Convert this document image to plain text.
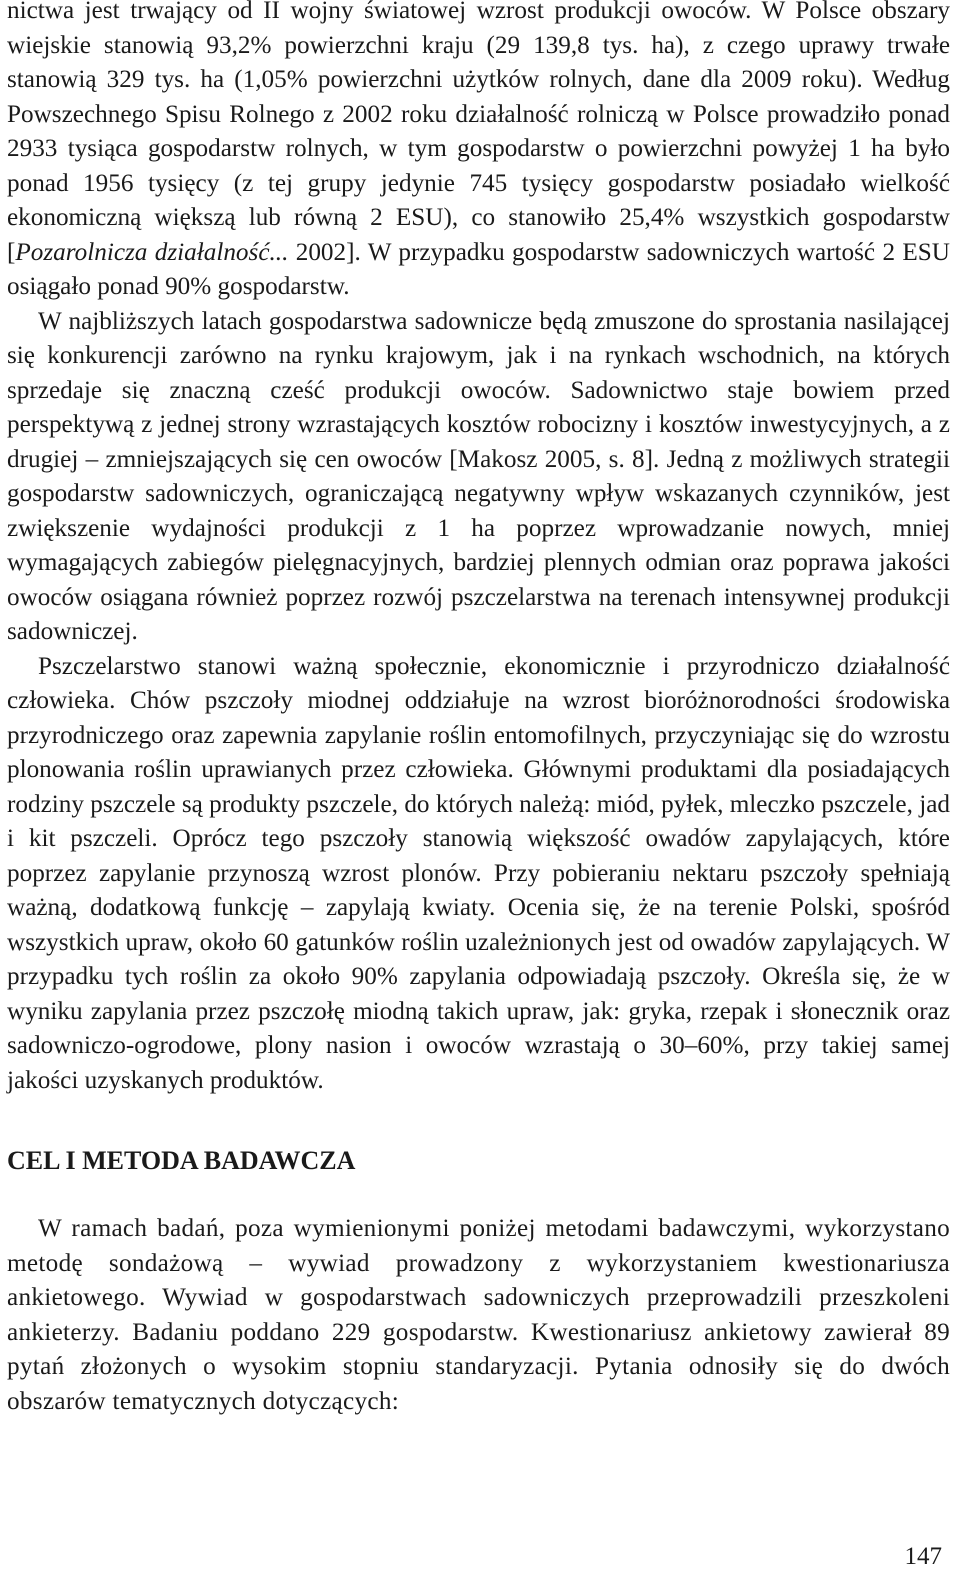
nictwa jest trwający od II wojny światowej wzrost produkcji owoców. W Polsce obszary wiejskie stanowią 93,2% powierzchni kraju (29 139,8 tys. ha), z czego uprawy trwałe stanowią 329 tys. ha (1,05% powierzchni użytków rolnych, dane dla 2009 roku). Według Powszechnego Spisu Rolnego z 2002 roku działalność rolniczą w Polsce prowadziło ponad 2933 tysiąca gospodarstw rolnych, w tym gospodarstw o powierzchni powyżej 1 ha było ponad 1956 tysięcy (z tej grupy jedynie 745 tysięcy gospodarstw posiadało wielkość ekonomiczną większą lub równą 2 ESU), co stanowiło 25,4% wszystkich gospodarstw [Pozarolnicza działalność... 2002]. W przypadku gospodarstw sadowniczych wartość 2 ESU osiągało ponad 90% gospodarstw.

W najbliższych latach gospodarstwa sadownicze będą zmuszone do sprostania nasilającej się konkurencji zarówno na rynku krajowym, jak i na rynkach wschodnich, na których sprzedaje się znaczną cześć produkcji owoców. Sadownictwo staje bowiem przed perspektywą z jednej strony wzrastających kosztów robocizny i kosztów inwestycyjnych, a z drugiej – zmniejszających się cen owoców [Makosz 2005, s. 8]. Jedną z możliwych strategii gospodarstw sadowniczych, ograniczającą negatywny wpływ wskazanych czynników, jest zwiększenie wydajności produkcji z 1 ha poprzez wprowadzanie nowych, mniej wymagających zabiegów pielęgnacyjnych, bardziej plennych odmian oraz poprawa jakości owoców osiągana również poprzez rozwój pszczelarstwa na terenach intensywnej produkcji sadowniczej.

Pszczelarstwo stanowi ważną społecznie, ekonomicznie i przyrodniczo działalność człowieka. Chów pszczoły miodnej oddziałuje na wzrost bioróżnorodności środowiska przyrodniczego oraz zapewnia zapylanie roślin entomofilnych, przyczyniając się do wzrostu plonowania roślin uprawianych przez człowieka. Głównymi produktami dla posiadających rodziny pszczele są produkty pszczele, do których należą: miód, pyłek, mleczko pszczele, jad i kit pszczeli. Oprócz tego pszczoły stanowią większość owadów zapylających, które poprzez zapylanie przynoszą wzrost plonów. Przy pobieraniu nektaru pszczoły spełniają ważną, dodatkową funkcję – zapylają kwiaty. Ocenia się, że na terenie Polski, spośród wszystkich upraw, około 60 gatunków roślin uzależnionych jest od owadów zapylających. W przypadku tych roślin za około 90% zapylania odpowiadają pszczoły. Określa się, że w wyniku zapylania przez pszczołę miodną takich upraw, jak: gryka, rzepak i słonecznik oraz sadowniczo-ogrodowe, plony nasion i owoców wzrastają o 30–60%, przy takiej samej jakości uzyskanych produktów.

CEL I METODA BADAWCZA

W ramach badań, poza wymienionymi poniżej metodami badawczymi, wykorzystano metodę sondażową – wywiad prowadzony z wykorzystaniem kwestionariusza ankietowego. Wywiad w gospodarstwach sadowniczych przeprowadzili przeszkoleni ankieterzy. Badaniu poddano 229 gospodarstw. Kwestionariusz ankietowy zawierał 89 pytań złożonych o wysokim stopniu standaryzacji. Pytania odnosiły się do dwóch obszarów tematycznych dotyczących:

147
